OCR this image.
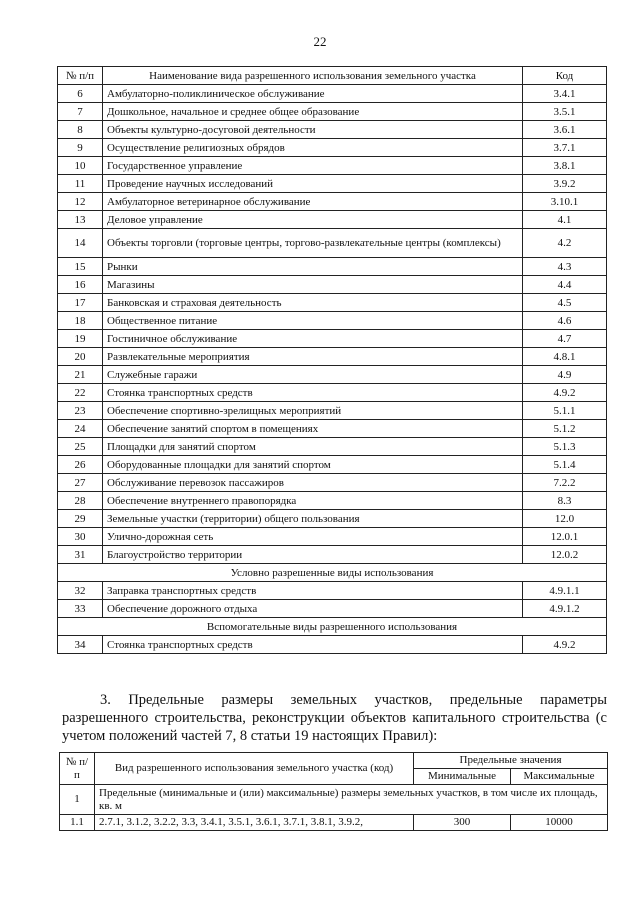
22
№ п/п	Наименование вида разрешенного использования земельного участка	Код
6	Амбулаторно-поликлиническое обслуживание	3.4.1
7	Дошкольное, начальное и среднее общее образование	3.5.1
8	Объекты культурно-досуговой деятельности	3.6.1
9	Осуществление религиозных обрядов	3.7.1
10	Государственное управление	3.8.1
11	Проведение научных исследований	3.9.2
12	Амбулаторное ветеринарное обслуживание	3.10.1
13	Деловое управление	4.1
14	Объекты торговли (торговые центры, торгово-развлекательные центры (комплексы)	4.2
15	Рынки	4.3
16	Магазины	4.4
17	Банковская и страховая деятельность	4.5
18	Общественное питание	4.6
19	Гостиничное обслуживание	4.7
20	Развлекательные мероприятия	4.8.1
21	Служебные гаражи	4.9
22	Стоянка транспортных средств	4.9.2
23	Обеспечение спортивно-зрелищных мероприятий	5.1.1
24	Обеспечение занятий спортом в помещениях	5.1.2
25	Площадки для занятий спортом	5.1.3
26	Оборудованные площадки для занятий спортом	5.1.4
27	Обслуживание перевозок пассажиров	7.2.2
28	Обеспечение внутреннего правопорядка	8.3
29	Земельные участки (территории) общего пользования	12.0
30	Улично-дорожная сеть	12.0.1
31	Благоустройство территории	12.0.2
Условно разрешенные виды использования		
32	Заправка транспортных средств	4.9.1.1
33	Обеспечение дорожного отдыха	4.9.1.2
Вспомогательные виды разрешенного использования		
34	Стоянка транспортных средств	4.9.2
3. Предельные размеры земельных участков, предельные параметры разрешенного строительства, реконструкции объектов капитального строительства (с учетом положений частей 7, 8 статьи 19 настоящих Правил):
№ п/п	Вид разрешенного использования земельного участка (код)	Предельные значения	
		Минимальные	Максимальные
1	Предельные (минимальные и (или) максимальные) размеры земельных участков, в том числе их площадь, кв. м		
1.1	2.7.1, 3.1.2, 3.2.2, 3.3, 3.4.1, 3.5.1, 3.6.1, 3.7.1, 3.8.1, 3.9.2,	300	10000
